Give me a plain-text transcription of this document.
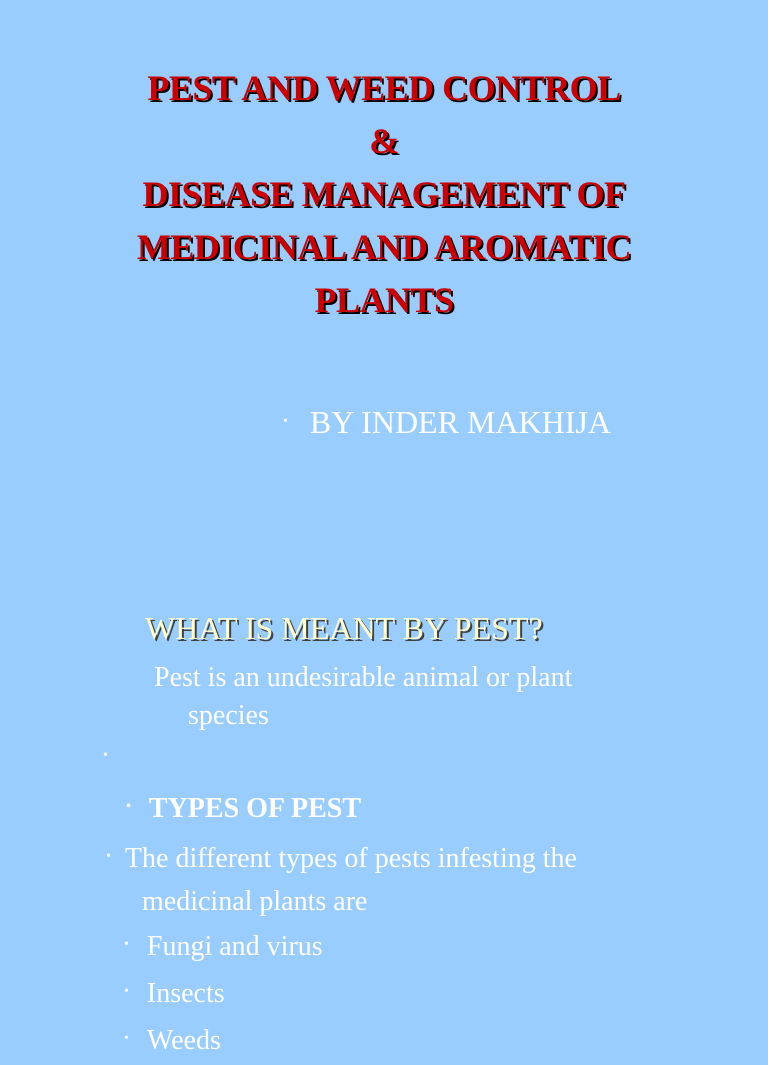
PEST AND WEED CONTROL
&
DISEASE MANAGEMENT OF
MEDICINAL AND AROMATIC
PLANTS
• BY INDER MAKHIJA
WHAT IS MEANT BY PEST?
Pest is an undesirable animal or plant
species
•
• TYPES OF PEST
• The different types of pests infesting the
medicinal plants are
• Fungi and virus
• Insects
• Weeds
